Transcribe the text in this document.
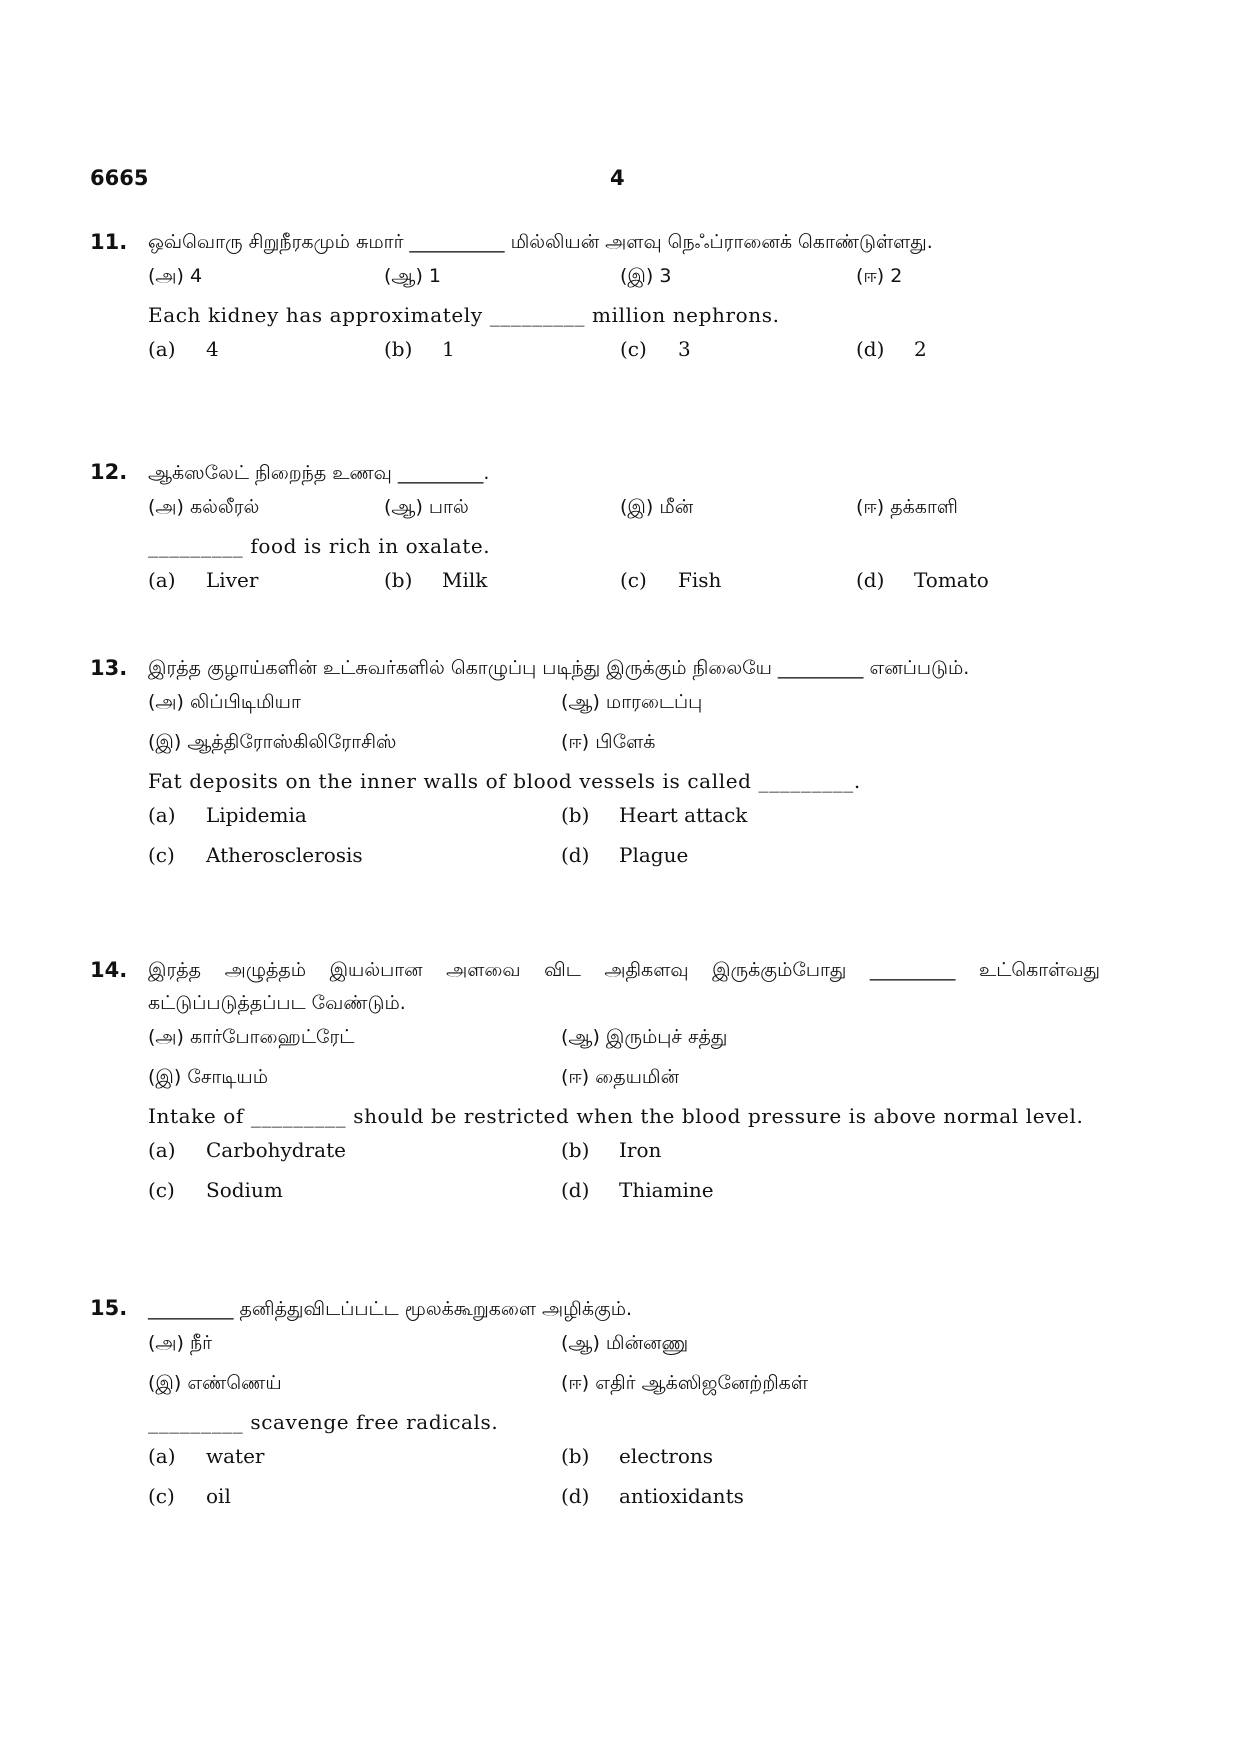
6665	4
11. ஒவ்வொரு சிறுநீரகமும் சுமார் __________ மில்லியன் அளவு நெஃப்ரானைக் கொண்டுள்ளது.
(அ) 4	(ஆ) 1	(இ) 3	(ஈ) 2
Each kidney has approximately _________ million nephrons.
(a) 4	(b) 1	(c) 3	(d) 2
12. ஆக்ஸலேட் நிறைந்த உணவு _________.
(அ) கல்லீரல்	(ஆ) பால்	(இ) மீன்	(ஈ) தக்காளி
_________ food is rich in oxalate.
(a) Liver	(b) Milk	(c) Fish	(d) Tomato
13. இரத்த குழாய்களின் உட்சுவர்களில் கொழுப்பு படிந்து இருக்கும் நிலையே _________ எனப்படும்.
(அ) லிப்பிடிமியா	(ஆ) மாரடைப்பு
(இ) ஆத்திரோஸ்கிலிரோசிஸ்	(ஈ) பிளேக்
Fat deposits on the inner walls of blood vessels is called _________.
(a) Lipidemia	(b) Heart attack
(c) Atherosclerosis	(d) Plague
14. இரத்த அழுத்தம் இயல்பான அளவை விட அதிகளவு இருக்கும்போது _________ உட்கொள்வது கட்டுப்படுத்தப்பட வேண்டும்.
(அ) கார்போஹைட்ரேட்	(ஆ) இரும்புச் சத்து
(இ) சோடியம்	(ஈ) தையமின்
Intake of _________ should be restricted when the blood pressure is above normal level.
(a) Carbohydrate	(b) Iron
(c) Sodium	(d) Thiamine
15. _________ தனித்துவிடப்பட்ட மூலக்கூறுகளை அழிக்கும்.
(அ) நீர்	(ஆ) மின்னணு
(இ) எண்ணெய்	(ஈ) எதிர் ஆக்ஸிஜனேற்றிகள்
_________ scavenge free radicals.
(a) water	(b) electrons
(c) oil	(d) antioxidants
